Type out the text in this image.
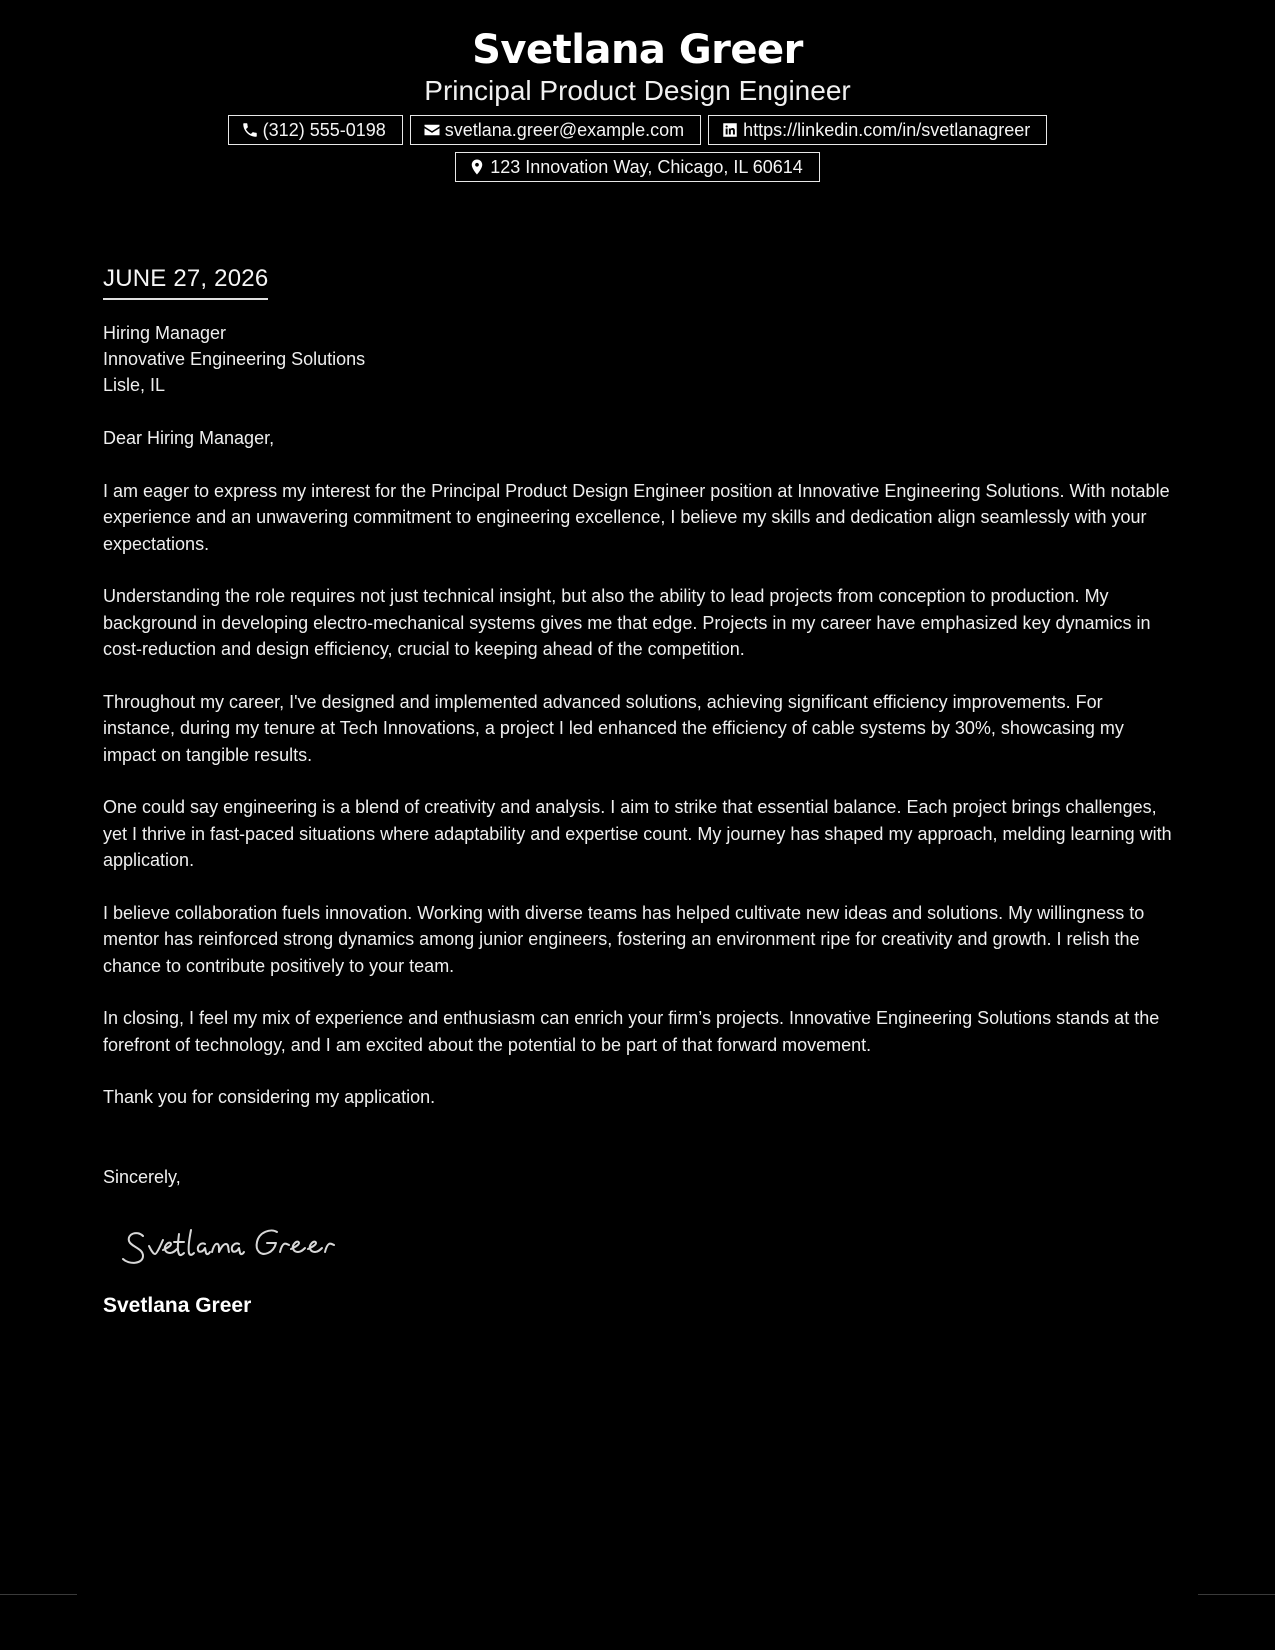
Svetlana Greer
Principal Product Design Engineer
(312) 555-0198	svetlana.greer@example.com	https://linkedin.com/in/svetlanagreer
123 Innovation Way, Chicago, IL 60614
JUNE 27, 2026
Hiring Manager
Innovative Engineering Solutions
Lisle, IL
Dear Hiring Manager,
I am eager to express my interest for the Principal Product Design Engineer position at Innovative Engineering Solutions. With notable experience and an unwavering commitment to engineering excellence, I believe my skills and dedication align seamlessly with your expectations.
Understanding the role requires not just technical insight, but also the ability to lead projects from conception to production. My background in developing electro-mechanical systems gives me that edge. Projects in my career have emphasized key dynamics in cost-reduction and design efficiency, crucial to keeping ahead of the competition.
Throughout my career, I've designed and implemented advanced solutions, achieving significant efficiency improvements. For instance, during my tenure at Tech Innovations, a project I led enhanced the efficiency of cable systems by 30%, showcasing my impact on tangible results.
One could say engineering is a blend of creativity and analysis. I aim to strike that essential balance. Each project brings challenges, yet I thrive in fast-paced situations where adaptability and expertise count. My journey has shaped my approach, melding learning with application.
I believe collaboration fuels innovation. Working with diverse teams has helped cultivate new ideas and solutions. My willingness to mentor has reinforced strong dynamics among junior engineers, fostering an environment ripe for creativity and growth. I relish the chance to contribute positively to your team.
In closing, I feel my mix of experience and enthusiasm can enrich your firm’s projects. Innovative Engineering Solutions stands at the forefront of technology, and I am excited about the potential to be part of that forward movement.
Thank you for considering my application.
Sincerely,
Svetlana Greer
